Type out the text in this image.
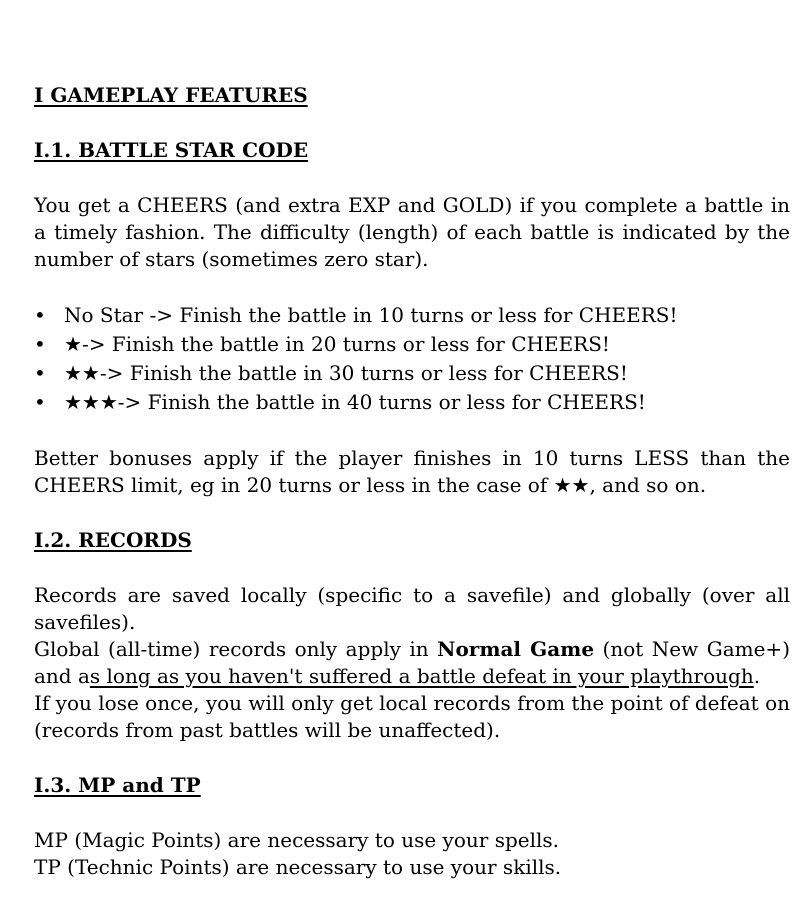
I GAMEPLAY FEATURES
I.1. BATTLE STAR CODE

You get a CHEERS (and extra EXP and GOLD) if you complete a battle in a timely fashion. The difficulty (length) of each battle is indicated by the number of stars (sometimes zero star).

• No Star -> Finish the battle in 10 turns or less for CHEERS!
• ★-> Finish the battle in 20 turns or less for CHEERS!
• ★★-> Finish the battle in 30 turns or less for CHEERS!
• ★★★-> Finish the battle in 40 turns or less for CHEERS!

Better bonuses apply if the player finishes in 10 turns LESS than the CHEERS limit, eg in 20 turns or less in the case of ★★, and so on.

I.2. RECORDS

Records are saved locally (specific to a savefile) and globally (over all savefiles).

Global (all-time) records only apply in Normal Game (not New Game+) and as long as you haven't suffered a battle defeat in your playthrough.

If you lose once, you will only get local records from the point of defeat on (records from past battles will be unaffected).

I.3. MP and TP

MP (Magic Points) are necessary to use your spells.

TP (Technic Points) are necessary to use your skills.
